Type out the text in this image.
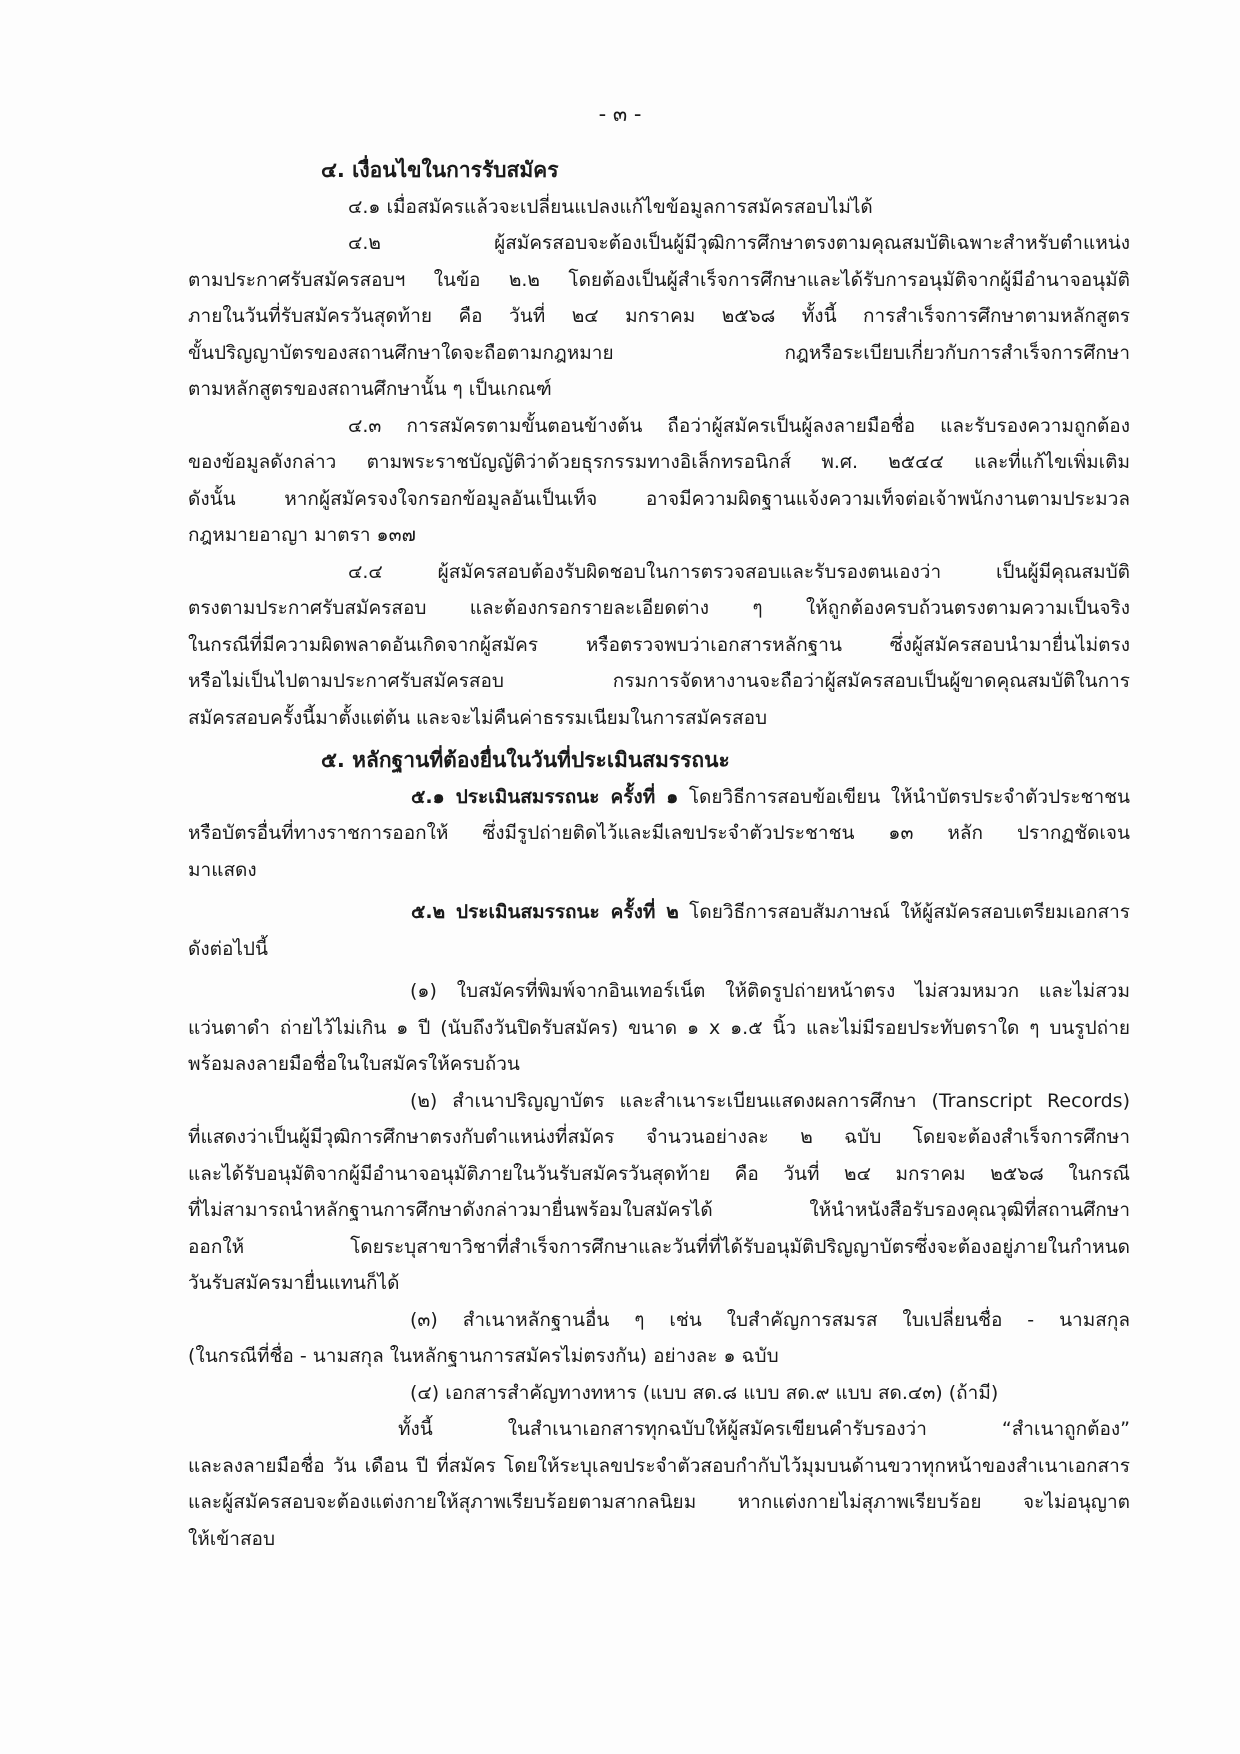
- ๓ -
๔. เงื่อนไขในการรับสมัคร
๔.๑ เมื่อสมัครแล้วจะเปลี่ยนแปลงแก้ไขข้อมูลการสมัครสอบไม่ได้
๔.๒ ผู้สมัครสอบจะต้องเป็นผู้มีวุฒิการศึกษาตรงตามคุณสมบัติเฉพาะสำหรับตำแหน่ง
ตามประกาศรับสมัครสอบฯ ในข้อ ๒.๒ โดยต้องเป็นผู้สำเร็จการศึกษาและได้รับการอนุมัติจากผู้มีอำนาจอนุมัติ
ภายในวันที่รับสมัครวันสุดท้าย คือ วันที่ ๒๔ มกราคม ๒๕๖๘ ทั้งนี้ การสำเร็จการศึกษาตามหลักสูตร
ขั้นปริญญาบัตรของสถานศึกษาใดจะถือตามกฎหมาย กฎหรือระเบียบเกี่ยวกับการสำเร็จการศึกษา
ตามหลักสูตรของสถานศึกษานั้น ๆ เป็นเกณฑ์
๔.๓ การสมัครตามขั้นตอนข้างต้น ถือว่าผู้สมัครเป็นผู้ลงลายมือชื่อ และรับรองความถูกต้อง
ของข้อมูลดังกล่าว ตามพระราชบัญญัติว่าด้วยธุรกรรมทางอิเล็กทรอนิกส์ พ.ศ. ๒๕๔๔ และที่แก้ไขเพิ่มเติม
ดังนั้น หากผู้สมัครจงใจกรอกข้อมูลอันเป็นเท็จ อาจมีความผิดฐานแจ้งความเท็จต่อเจ้าพนักงานตามประมวล
กฎหมายอาญา มาตรา ๑๓๗
๔.๔ ผู้สมัครสอบต้องรับผิดชอบในการตรวจสอบและรับรองตนเองว่า เป็นผู้มีคุณสมบัติ
ตรงตามประกาศรับสมัครสอบ และต้องกรอกรายละเอียดต่าง ๆ ให้ถูกต้องครบถ้วนตรงตามความเป็นจริง
ในกรณีที่มีความผิดพลาดอันเกิดจากผู้สมัคร หรือตรวจพบว่าเอกสารหลักฐาน ซึ่งผู้สมัครสอบนำมายื่นไม่ตรง
หรือไม่เป็นไปตามประกาศรับสมัครสอบ กรมการจัดหางานจะถือว่าผู้สมัครสอบเป็นผู้ขาดคุณสมบัติในการ
สมัครสอบครั้งนี้มาตั้งแต่ต้น และจะไม่คืนค่าธรรมเนียมในการสมัครสอบ
๕. หลักฐานที่ต้องยื่นในวันที่ประเมินสมรรถนะ
๕.๑ ประเมินสมรรถนะ ครั้งที่ ๑ โดยวิธีการสอบข้อเขียน ให้นำบัตรประจำตัวประชาชน
หรือบัตรอื่นที่ทางราชการออกให้ ซึ่งมีรูปถ่ายติดไว้และมีเลขประจำตัวประชาชน ๑๓ หลัก ปรากฏชัดเจน
มาแสดง
๕.๒ ประเมินสมรรถนะ ครั้งที่ ๒ โดยวิธีการสอบสัมภาษณ์ ให้ผู้สมัครสอบเตรียมเอกสาร
ดังต่อไปนี้
(๑) ใบสมัครที่พิมพ์จากอินเทอร์เน็ต ให้ติดรูปถ่ายหน้าตรง ไม่สวมหมวก และไม่สวม
แว่นตาดำ ถ่ายไว้ไม่เกิน ๑ ปี (นับถึงวันปิดรับสมัคร) ขนาด ๑ x ๑.๕ นิ้ว และไม่มีรอยประทับตราใด ๆ บนรูปถ่าย
พร้อมลงลายมือชื่อในใบสมัครให้ครบถ้วน
(๒) สำเนาปริญญาบัตร และสำเนาระเบียนแสดงผลการศึกษา (Transcript Records)
ที่แสดงว่าเป็นผู้มีวุฒิการศึกษาตรงกับตำแหน่งที่สมัคร จำนวนอย่างละ ๒ ฉบับ โดยจะต้องสำเร็จการศึกษา
และได้รับอนุมัติจากผู้มีอำนาจอนุมัติภายในวันรับสมัครวันสุดท้าย คือ วันที่ ๒๔ มกราคม ๒๕๖๘ ในกรณี
ที่ไม่สามารถนำหลักฐานการศึกษาดังกล่าวมายื่นพร้อมใบสมัครได้ ให้นำหนังสือรับรองคุณวุฒิที่สถานศึกษา
ออกให้ โดยระบุสาขาวิชาที่สำเร็จการศึกษาและวันที่ที่ได้รับอนุมัติปริญญาบัตรซึ่งจะต้องอยู่ภายในกำหนด
วันรับสมัครมายื่นแทนก็ได้
(๓) สำเนาหลักฐานอื่น ๆ เช่น ใบสำคัญการสมรส ใบเปลี่ยนชื่อ - นามสกุล
(ในกรณีที่ชื่อ - นามสกุล ในหลักฐานการสมัครไม่ตรงกัน) อย่างละ ๑ ฉบับ
(๔) เอกสารสำคัญทางทหาร (แบบ สด.๘ แบบ สด.๙ แบบ สด.๔๓) (ถ้ามี)
ทั้งนี้ ในสำเนาเอกสารทุกฉบับให้ผู้สมัครเขียนคำรับรองว่า “สำเนาถูกต้อง”
และลงลายมือชื่อ วัน เดือน ปี ที่สมัคร โดยให้ระบุเลขประจำตัวสอบกำกับไว้มุมบนด้านขวาทุกหน้าของสำเนาเอกสาร
และผู้สมัครสอบจะต้องแต่งกายให้สุภาพเรียบร้อยตามสากลนิยม หากแต่งกายไม่สุภาพเรียบร้อย จะไม่อนุญาต
ให้เข้าสอบ
